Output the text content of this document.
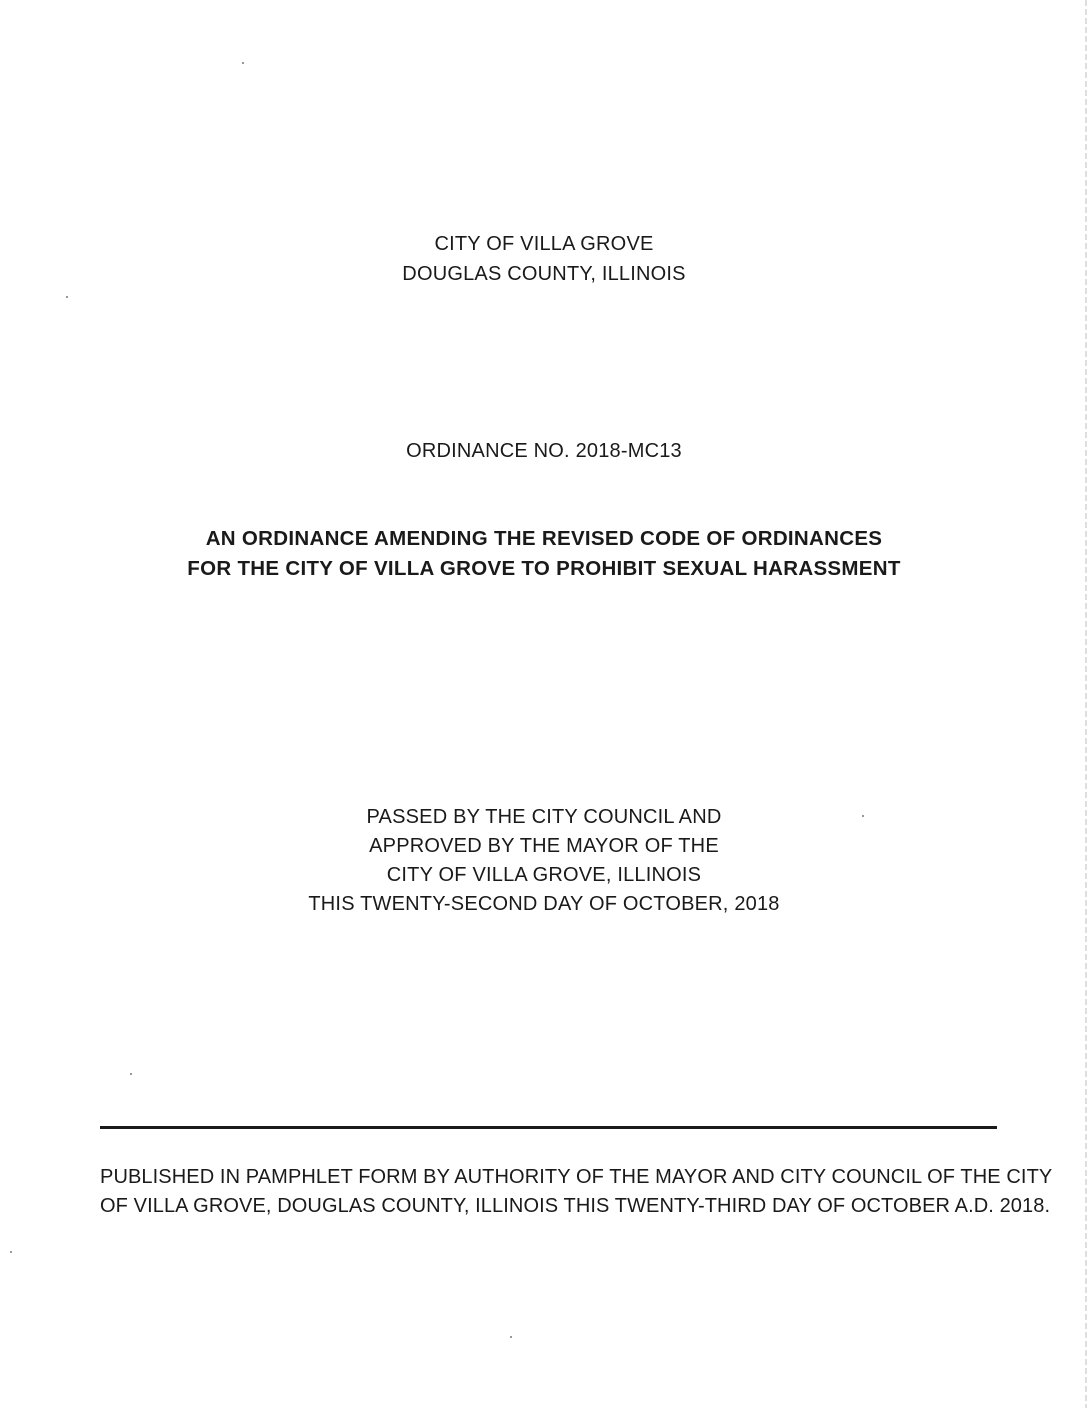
CITY OF VILLA GROVE
DOUGLAS COUNTY, ILLINOIS
ORDINANCE NO. 2018-MC13
AN ORDINANCE AMENDING THE REVISED CODE OF ORDINANCES
FOR THE CITY OF VILLA GROVE TO PROHIBIT SEXUAL HARASSMENT
PASSED BY THE CITY COUNCIL AND
APPROVED BY THE MAYOR OF THE
CITY OF VILLA GROVE, ILLINOIS
THIS TWENTY-SECOND DAY OF OCTOBER, 2018
PUBLISHED IN PAMPHLET FORM BY AUTHORITY OF THE MAYOR AND CITY COUNCIL OF THE CITY
OF VILLA GROVE, DOUGLAS COUNTY, ILLINOIS THIS TWENTY-THIRD DAY OF OCTOBER A.D. 2018.
